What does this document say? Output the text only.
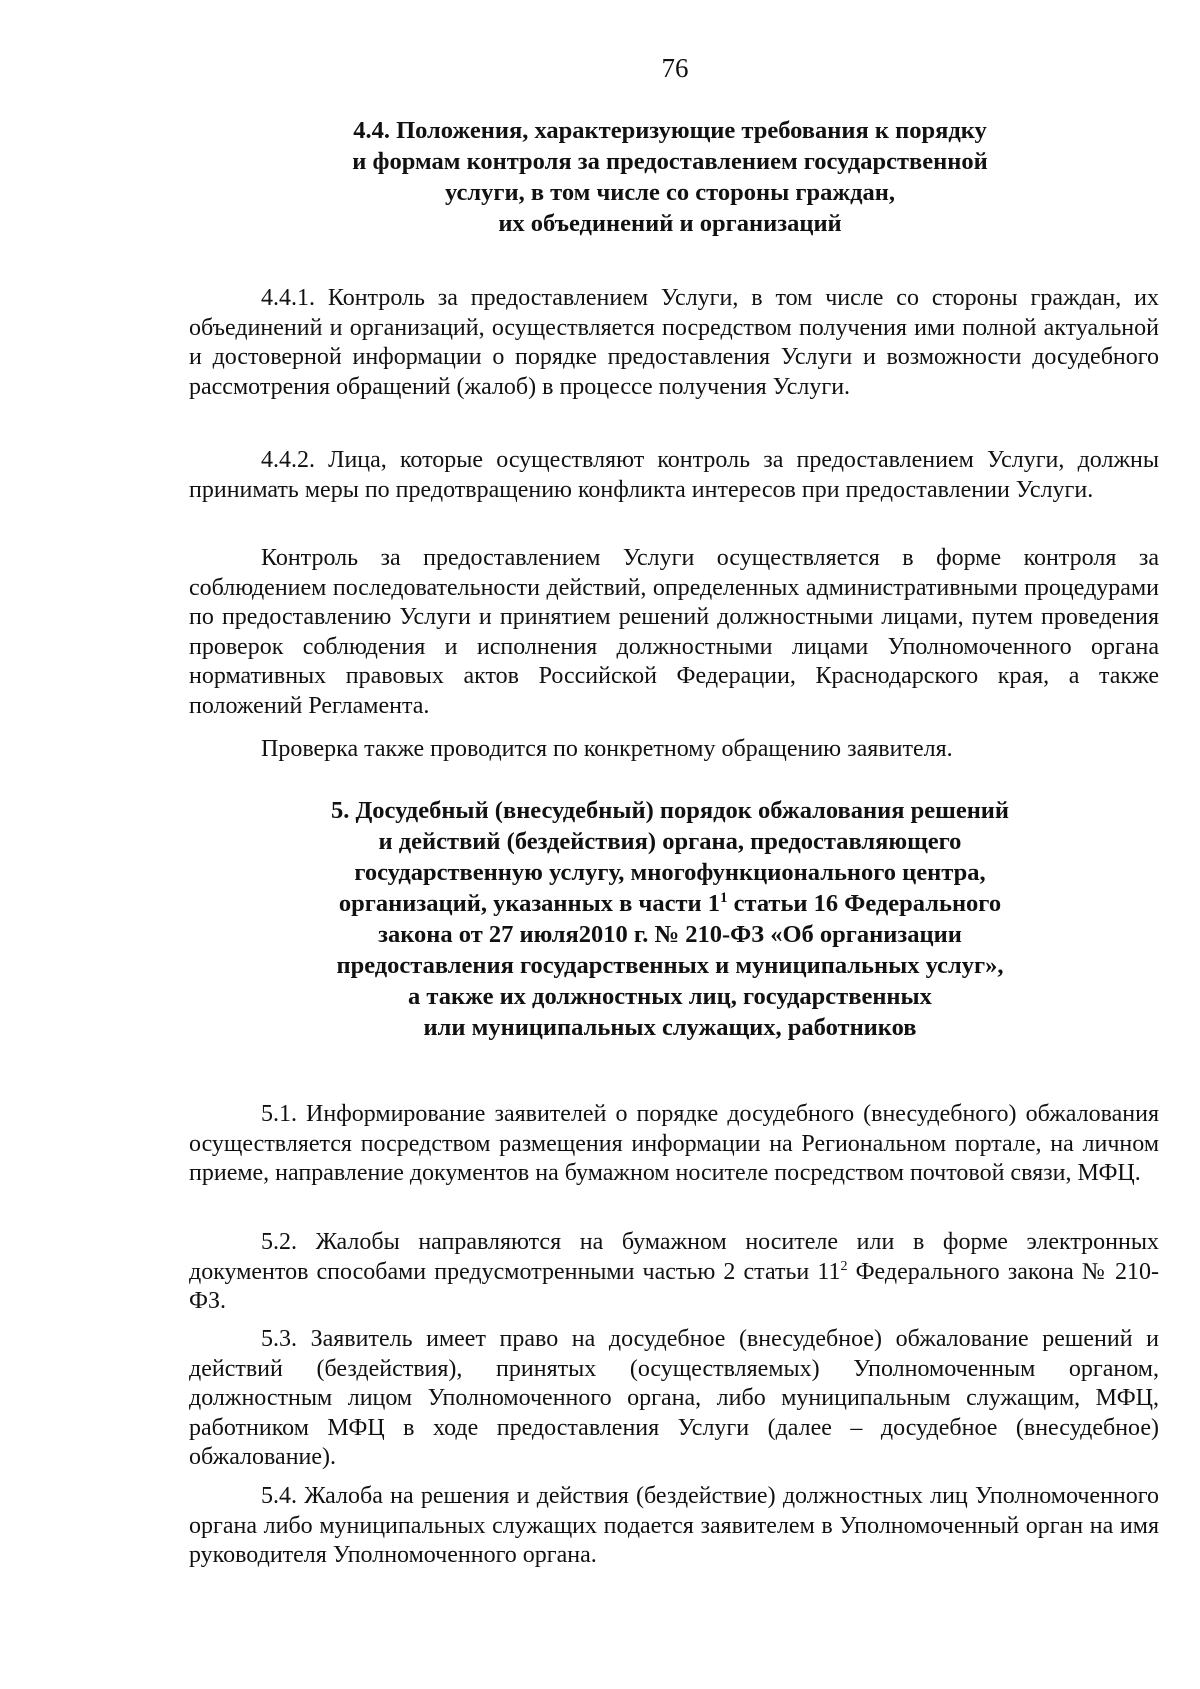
76
4.4. Положения, характеризующие требования к порядку
и формам контроля за предоставлением государственной
услуги, в том числе со стороны граждан,
их объединений и организаций

4.4.1. Контроль за предоставлением Услуги, в том числе со стороны граждан, их объединений и организаций, осуществляется посредством получения ими полной актуальной и достоверной информации о порядке предоставления Услуги и возможности досудебного рассмотрения обращений (жалоб) в процессе получения Услуги.

4.4.2. Лица, которые осуществляют контроль за предоставлением Услуги, должны принимать меры по предотвращению конфликта интересов при предоставлении Услуги.

Контроль за предоставлением Услуги осуществляется в форме контроля за соблюдением последовательности действий, определенных административными процедурами по предоставлению Услуги и принятием решений должностными лицами, путем проведения проверок соблюдения и исполнения должностными лицами Уполномоченного органа нормативных правовых актов Российской Федерации, Краснодарского края, а также положений Регламента.

Проверка также проводится по конкретному обращению заявителя.

5. Досудебный (внесудебный) порядок обжалования решений
и действий (бездействия) органа, предоставляющего
государственную услугу, многофункционального центра,
организаций, указанных в части $1^1$ статьи 16 Федерального
закона от 27 июля2010 г. № 210-ФЗ «Об организации
предоставления государственных и муниципальных услуг»,
а также их должностных лиц, государственных
или муниципальных служащих, работников

5.1. Информирование заявителей о порядке досудебного (внесудебного) обжалования осуществляется посредством размещения информации на Региональном портале, на личном приеме, направление документов на бумажном носителе посредством почтовой связи, МФЦ.

5.2. Жалобы направляются на бумажном носителе или в форме электронных документов способами предусмотренными частью 2 статьи $11^2$ Федерального закона № 210-ФЗ.

5.3. Заявитель имеет право на досудебное (внесудебное) обжалование решений и действий (бездействия), принятых (осуществляемых) Уполномоченным органом, должностным лицом Уполномоченного органа, либо муниципальным служащим, МФЦ, работником МФЦ в ходе предоставления Услуги (далее – досудебное (внесудебное) обжалование).

5.4. Жалоба на решения и действия (бездействие) должностных лиц Уполномоченного органа либо муниципальных служащих подается заявителем в Уполномоченный орган на имя руководителя Уполномоченного органа.
